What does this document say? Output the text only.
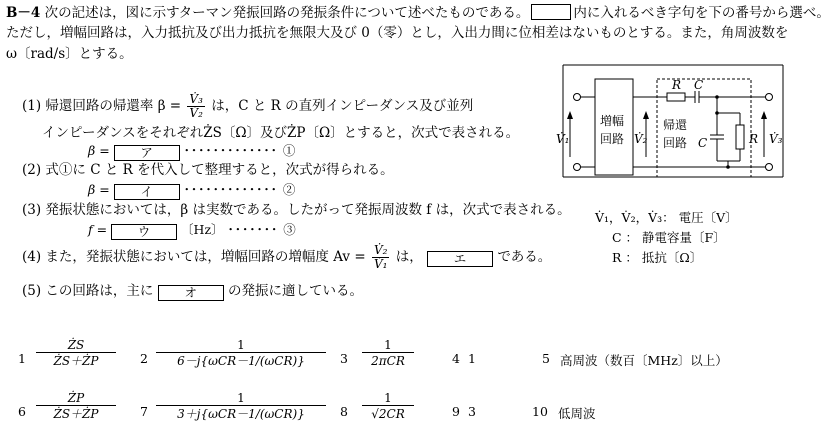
B－4 次の記述は，図に示すターマン発振回路の発振条件について述べたものである。	内に入れるべき字句を下の番号から選べ。
ただし，増幅回路は，入力抵抗及び出力抵抗を無限大及び 0（零）とし，入出力間に位相差はないものとする。また，角周波数を
ω〔rad/s〕とする。
(1) 帰還回路の帰還率 $\beta = \frac{\text{V̇₃}}{\text{V̇₂}}$ は，C と R の直列インピーダンス及び並列
インピーダンスをそれぞれŻS〔Ω〕及びŻP〔Ω〕とすると，次式で表される。
β = ア ･････････････ ①
(2) 式①に C と R を代入して整理すると，次式が得られる。
β = イ ･････････････ ②
(3) 発振状態においては，β は実数である。したがって発振周波数 f は，次式で表される。
f = ウ 〔Hz〕 ･･･････ ③
(4) また，発振状態においては，増幅回路の増幅度 $Av = \frac{\text{V̇₂}}{\text{V̇₁}}$ は， エ である。
(5) この回路は，主に オ の発振に適している。
増幅
回路
帰還
回路
R C
C	R
V̇₁	V̇₂	V̇₃
V̇₁，V̇₂，V̇₃： 電圧〔V〕
C ： 静電容量〔F〕
R ： 抵抗〔Ω〕
1
ŻS
ŻS＋ŻP	2
1
6－j{ωCR－1/(ωCR)}	3
1
2πCR	4 1	5 高周波（数百〔MHz〕以上）
6
ŻP
ŻS＋ŻP	7
1
3＋j{ωCR－1/(ωCR)}	8
1
√2CR	9 3	10 低周波
